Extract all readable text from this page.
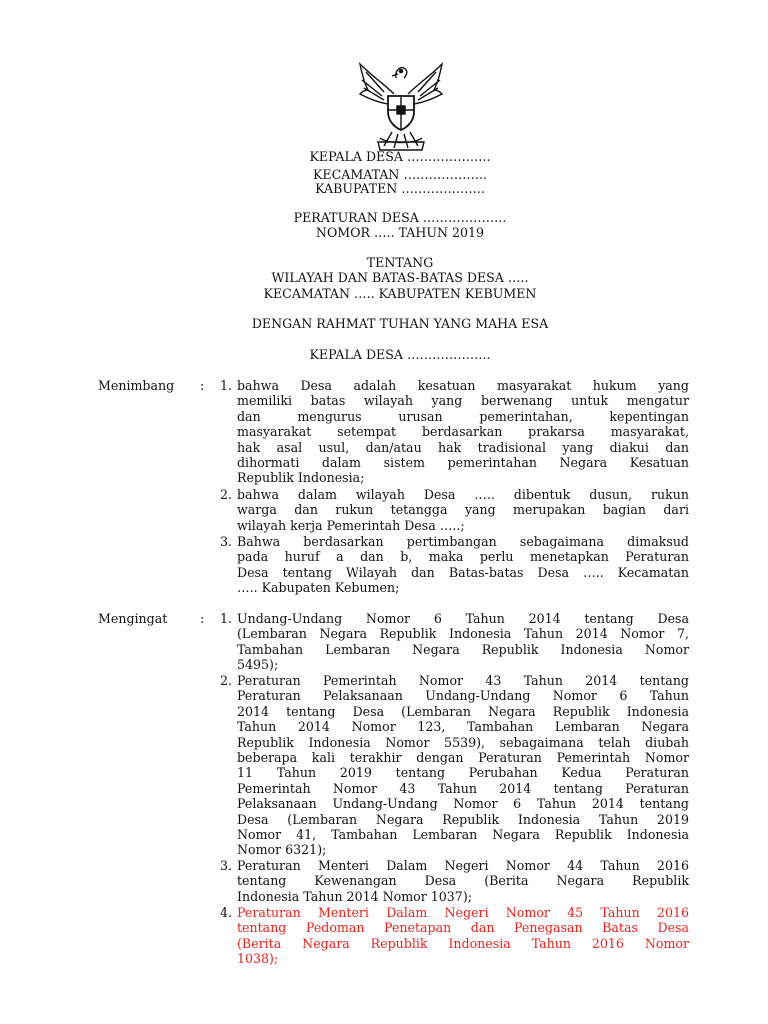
KEPALA DESA ………………..
KECAMATAN ………………..
KABUPATEN ………………..
PERATURAN DESA ………………..
NOMOR ….. TAHUN 2019
TENTANG
WILAYAH DAN BATAS-BATAS DESA …..
KECAMATAN ….. KABUPATEN KEBUMEN
DENGAN RAHMAT TUHAN YANG MAHA ESA
KEPALA DESA ………………..
Menimbang :	1. bahwa Desa adalah kesatuan masyarakat hukum yang
memiliki batas wilayah yang berwenang untuk mengatur
dan mengurus urusan pemerintahan, kepentingan
masyarakat setempat berdasarkan prakarsa masyarakat,
hak asal usul, dan/atau hak tradisional yang diakui dan
dihormati dalam sistem pemerintahan Negara Kesatuan
Republik Indonesia;
2. bahwa dalam wilayah Desa ….. dibentuk dusun, rukun
warga dan rukun tetangga yang merupakan bagian dari
wilayah kerja Pemerintah Desa …..;
3. Bahwa berdasarkan pertimbangan sebagaimana dimaksud
pada huruf a dan b, maka perlu menetapkan Peraturan
Desa tentang Wilayah dan Batas-batas Desa ….. Kecamatan
….. Kabupaten Kebumen;
Mengingat	:	1. Undang-Undang Nomor 6 Tahun 2014 tentang Desa
(Lembaran Negara Republik Indonesia Tahun 2014 Nomor 7,
Tambahan Lembaran Negara Republik Indonesia Nomor
5495);
2. Peraturan Pemerintah Nomor 43 Tahun 2014 tentang
Peraturan Pelaksanaan Undang-Undang Nomor 6 Tahun
2014 tentang Desa (Lembaran Negara Republik Indonesia
Tahun 2014 Nomor 123, Tambahan Lembaran Negara
Republik Indonesia Nomor 5539), sebagaimana telah diubah
beberapa kali terakhir dengan Peraturan Pemerintah Nomor
11 Tahun 2019 tentang Perubahan Kedua Peraturan
Pemerintah Nomor 43 Tahun 2014 tentang Peraturan
Pelaksanaan Undang-Undang Nomor 6 Tahun 2014 tentang
Desa (Lembaran Negara Republik Indonesia Tahun 2019
Nomor 41, Tambahan Lembaran Negara Republik Indonesia
Nomor 6321);
3. Peraturan Menteri Dalam Negeri Nomor 44 Tahun 2016
tentang Kewenangan Desa (Berita Negara Republik
Indonesia Tahun 2014 Nomor 1037);
4. Peraturan Menteri Dalam Negeri Nomor 45 Tahun 2016
tentang Pedoman Penetapan dan Penegasan Batas Desa
(Berita Negara Republik Indonesia Tahun 2016 Nomor
1038);
